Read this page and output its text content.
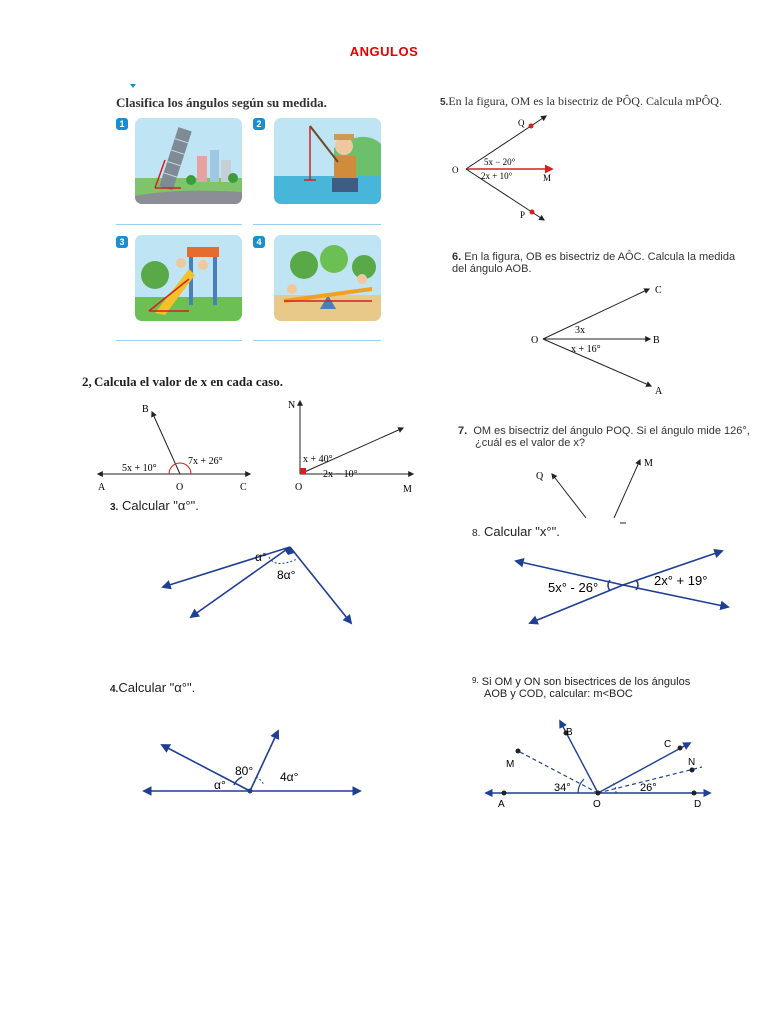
ANGULOS
Clasifica los ángulos según su medida.
1	2
3	4
2, Calcula el valor de x en cada caso.
B
A	O	C
5x + 10°
7x + 26°
N
O	M
x + 40°
2x − 10°
3. Calcular "α°".
α°
8α°
4.Calcular "α°".
80°
α°
4α°
5.En la figura, OM es la bisectriz de PÔQ. Calcula mPÔQ.
Q
O
M
P
5x − 20°
2x + 10°
6. En la figura, OB es bisectriz de AÔC. Calcula la medida
del ángulo AOB.
C
O	B
A
3x
x + 16°
7. OM es bisectriz del ángulo POQ. Si el ángulo mide 126°,
¿cuál es el valor de x?
Q
M
8. Calcular "x°".
5x° - 26°	2x° + 19°
$^{9.}$ Si OM y ON son bisectrices de los ángulos
AOB y COD, calcular: m<BOC
A
M
B
O
C
N
D
34°	26°
